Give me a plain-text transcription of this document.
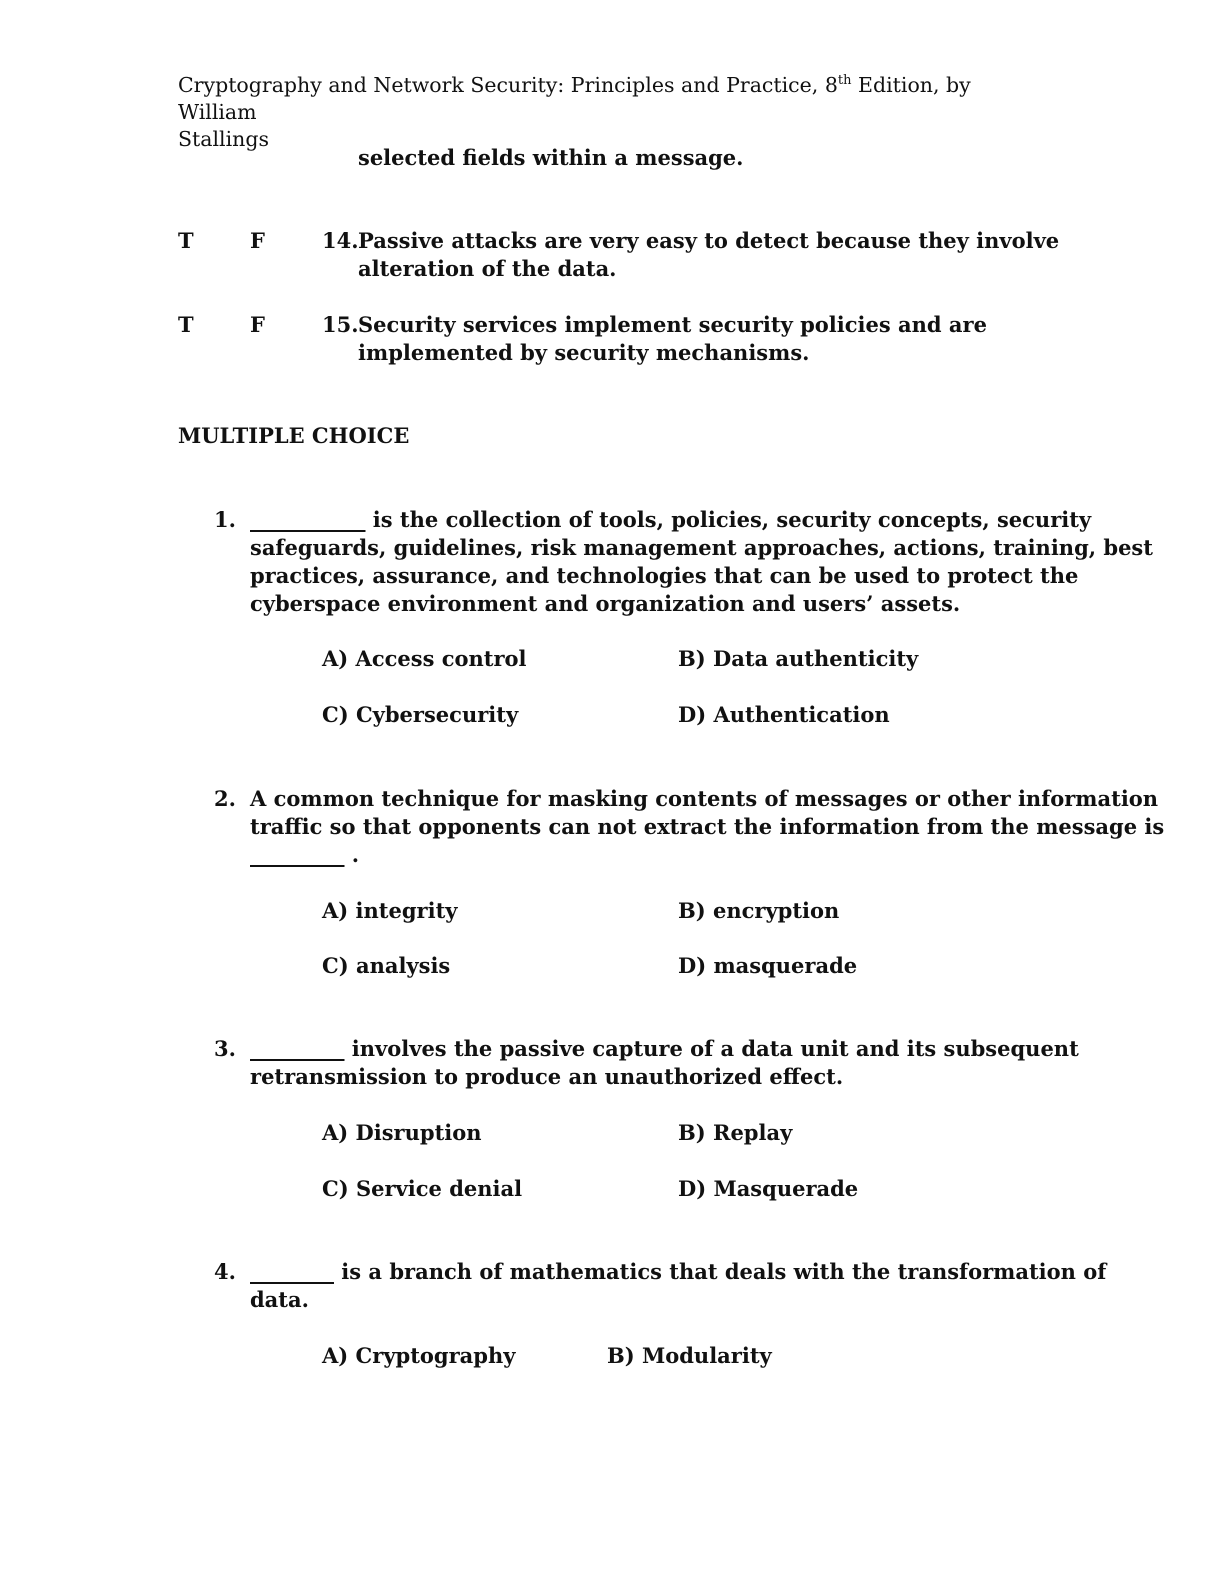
Cryptography and Network Security: Principles and Practice, 8th Edition, by William
Stallings
selected fields within a message.
T	F	14. Passive attacks are very easy to detect because they involve
alteration of the data.
T	F	15. Security services implement security policies and are
implemented by security mechanisms.
MULTIPLE CHOICE
1. ___________ is the collection of tools, policies, security concepts, security
safeguards, guidelines, risk management approaches, actions, training, best
practices, assurance, and technologies that can be used to protect the
cyberspace environment and organization and users’ assets.
A) Access control	B) Data authenticity
C) Cybersecurity	D) Authentication
2. A common technique for masking contents of messages or other information
traffic so that opponents can not extract the information from the message is
_________ .
A) integrity	B) encryption
C) analysis	D) masquerade
3. _________ involves the passive capture of a data unit and its subsequent
retransmission to produce an unauthorized effect.
A) Disruption	B) Replay
C) Service denial	D) Masquerade
4. ________ is a branch of mathematics that deals with the transformation of
data.
A) Cryptography	B) Modularity
